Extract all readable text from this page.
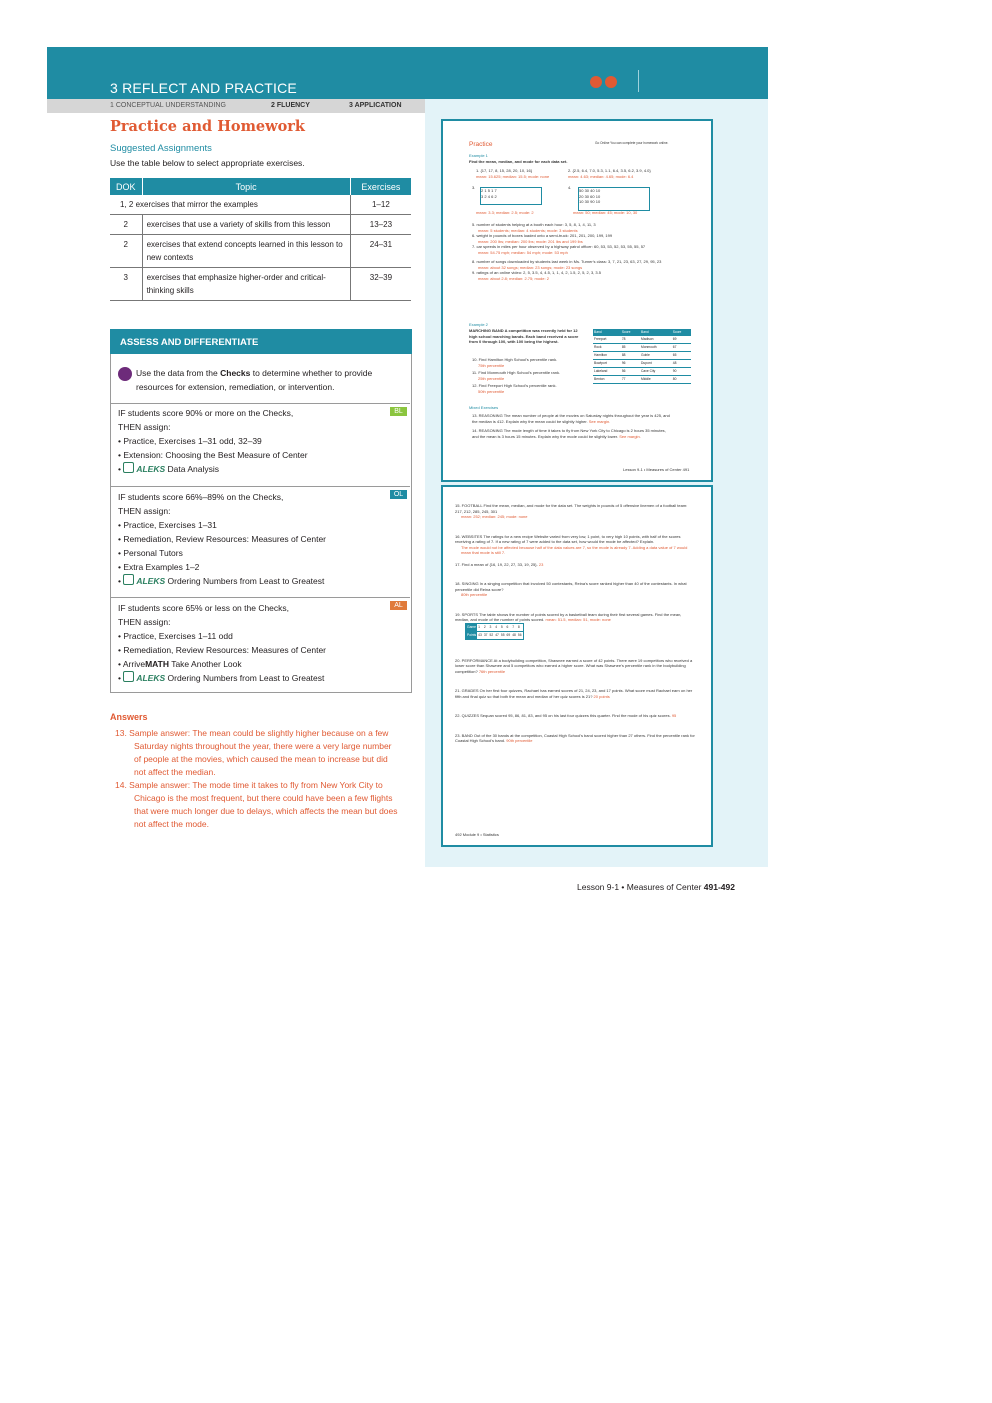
3 REFLECT AND PRACTICE
1 CONCEPTUAL UNDERSTANDING	2 FLUENCY	3 APPLICATION
Practice and Homework
Suggested Assignments
Use the table below to select appropriate exercises.
DOK	Topic	Exercises
1, 2 exercises that mirror the examples		1–12
2	exercises that use a variety of skills from this lesson	13–23
2	exercises that extend concepts learned in this lesson to new contexts	24–31
3	exercises that emphasize higher-order and critical-thinking skills	32–39
ASSESS AND DIFFERENTIATE
Use the data from the Checks to determine whether to provide resources for extension, remediation, or intervention.
BL
IF students score 90% or more on the Checks,
THEN assign:
• Practice, Exercises 1–31 odd, 32–39
• Extension: Choosing the Best Measure of Center
• ALEKS Data Analysis
OL
IF students score 66%–89% on the Checks,
THEN assign:
• Practice, Exercises 1–31
• Remediation, Review Resources: Measures of Center
• Personal Tutors
• Extra Examples 1–2
• ALEKS Ordering Numbers from Least to Greatest
AL
IF students score 65% or less on the Checks,
THEN assign:
• Practice, Exercises 1–11 odd
• Remediation, Review Resources: Measures of Center
• ArriveMATH Take Another Look
• ALEKS Ordering Numbers from Least to Greatest
Answers
13. Sample answer: The mean could be slightly higher because on a few
Saturday nights throughout the year, there were a very large number
of people at the movies, which caused the mean to increase but did
not affect the median.
14. Sample answer: The mode time it takes to fly from New York City to
Chicago is the most frequent, but there could have been a few flights
that were much longer due to delays, which affects the mean but does
not affect the mode.
Practice	Go Online You can complete your homework online.
Example 1
Find the mean, median, and mode for each data set.
1. {17, 17, 8, 15, 28, 20, 10, 16}
mean: 15.625; median: 15.5; mode: none
2. {2.5, 6.4, 7.0, 5.3, 1.1, 6.4, 3.5, 6.2, 3.9, 4.0}
mean: 4.63; median: 4.65; mode: 6.4
3.
2 1 5 1 7
3 2 4 6 2
4.
50 30 40 10
20 30 60 10
10 30 90 10
mean: 3.3; median: 2.5; mode: 2	mean: 50; median: 45; mode: 10, 30
5. number of students helping at a booth each hour: 3, 5, 8, 1, 4, 11, 3
mean: 5 students; median: 4 students; mode: 3 students
6. weight in pounds of boxes loaded onto a semi-truck: 201, 201, 200, 199, 199
mean: 200 lbs; median: 200 lbs; mode: 201 lbs and 199 lbs
7. car speeds in miles per hour observed by a highway patrol officer: 60, 53, 53, 52, 53, 55, 55, 57
mean: 54.75 mph; median: 54 mph; mode: 53 mph
8. number of songs downloaded by students last week in Ms. Turner's class: 3, 7, 21, 23, 63, 27, 29, 95, 23
mean: about 32 songs; median: 23 songs; mode: 23 songs
9. ratings of an online video: 2, 5, 3.5, 4, 4.5, 1, 1, 4, 2, 1.5, 2, 5, 2, 3, 3.5
mean: about 2.8; median: 2.75; mode: 2
Example 2
MARCHING BAND A competition was recently held for 12 high school marching bands. Each band received a score from 0 through 100, with 100 being the highest.
10. Find Hamilton High School's percentile rank.
75th percentile
11. Find Monmouth High School's percentile rank.
25th percentile
12. Find Freeport High School's percentile rank.
50th percentile
Band	Score	Band	Score
Freeport	78	Madison	69
Rock	85	Monmouth	67
Hamilton	88	Goble	65
Bowlport	96	Dupont	48
Lakeland	56	Cave City	90
Benton	77	Middle	80
Mixed Exercises
13. REASONING The mean number of people at the movies on Saturday nights throughout the year is 425, and the median is 412. Explain why the mean could be slightly higher. See margin.
14. REASONING The mode length of time it takes to fly from New York City to Chicago is 2 hours 35 minutes, and the mean is 3 hours 15 minutes. Explain why the mode could be slightly lower. See margin.
Lesson 9-1 • Measures of Center 491
15. FOOTBALL Find the mean, median, and mode for the data set. The weights in pounds of 5 offensive linemen of a football team: 217, 212, 285, 245, 301
mean: 252; median: 245; mode: none
16. WEBSITES The ratings for a new recipe Website varied from very low, 1 point, to very high 10 points, with half of the scores receiving a rating of 7. If a new rating of 7 were added to the data set, how would the mode be affected? Explain.
The mode would not be affected because half of the data values are 7, so the mode is already 7. Adding a data value of 7 would mean that mode is still 7.
17. Find a mean of {16, 19, 22, 27, 33, 19, 25}. 23
18. SINGING In a singing competition that involved 50 contestants, Reina's score ranked higher than 40 of the contestants. In what percentile did Reina score?
80th percentile
19. SPORTS The table shows the number of points scored by a basketball team during their first several games. Find the mean, median, and mode of the number of points scored. mean: 51.5, median: 51, mode: none
Game	1	2	3	4	5	6	7	8
Points	43	37	52	47	55	69	48	56
20. PERFORMANCE At a bodybuilding competition, Shawnee earned a score of 42 points. There were 19 competitors who received a lower score than Shawnee and 5 competitors who earned a higher score. What was Shawnee's percentile rank in the bodybuilding competition? 76th percentile
21. GRADES On her first four quizzes, Rachael has earned scores of 21, 24, 23, and 17 points. What score must Rachael earn on her fifth and final quiz so that both the mean and median of her quiz scores is 21? 20 points
22. QUIZZES Sequan scored 95, 86, 81, 83, and 95 on his last four quizzes this quarter. Find the mode of his quiz scores. 95
23. BAND Out of the 30 bands at the competition, Coastal High School's band scored higher than 27 others. Find the percentile rank for Coastal High School's band. 90th percentile
492 Module 9 • Statistics
Lesson 9-1 • Measures of Center 491-492
